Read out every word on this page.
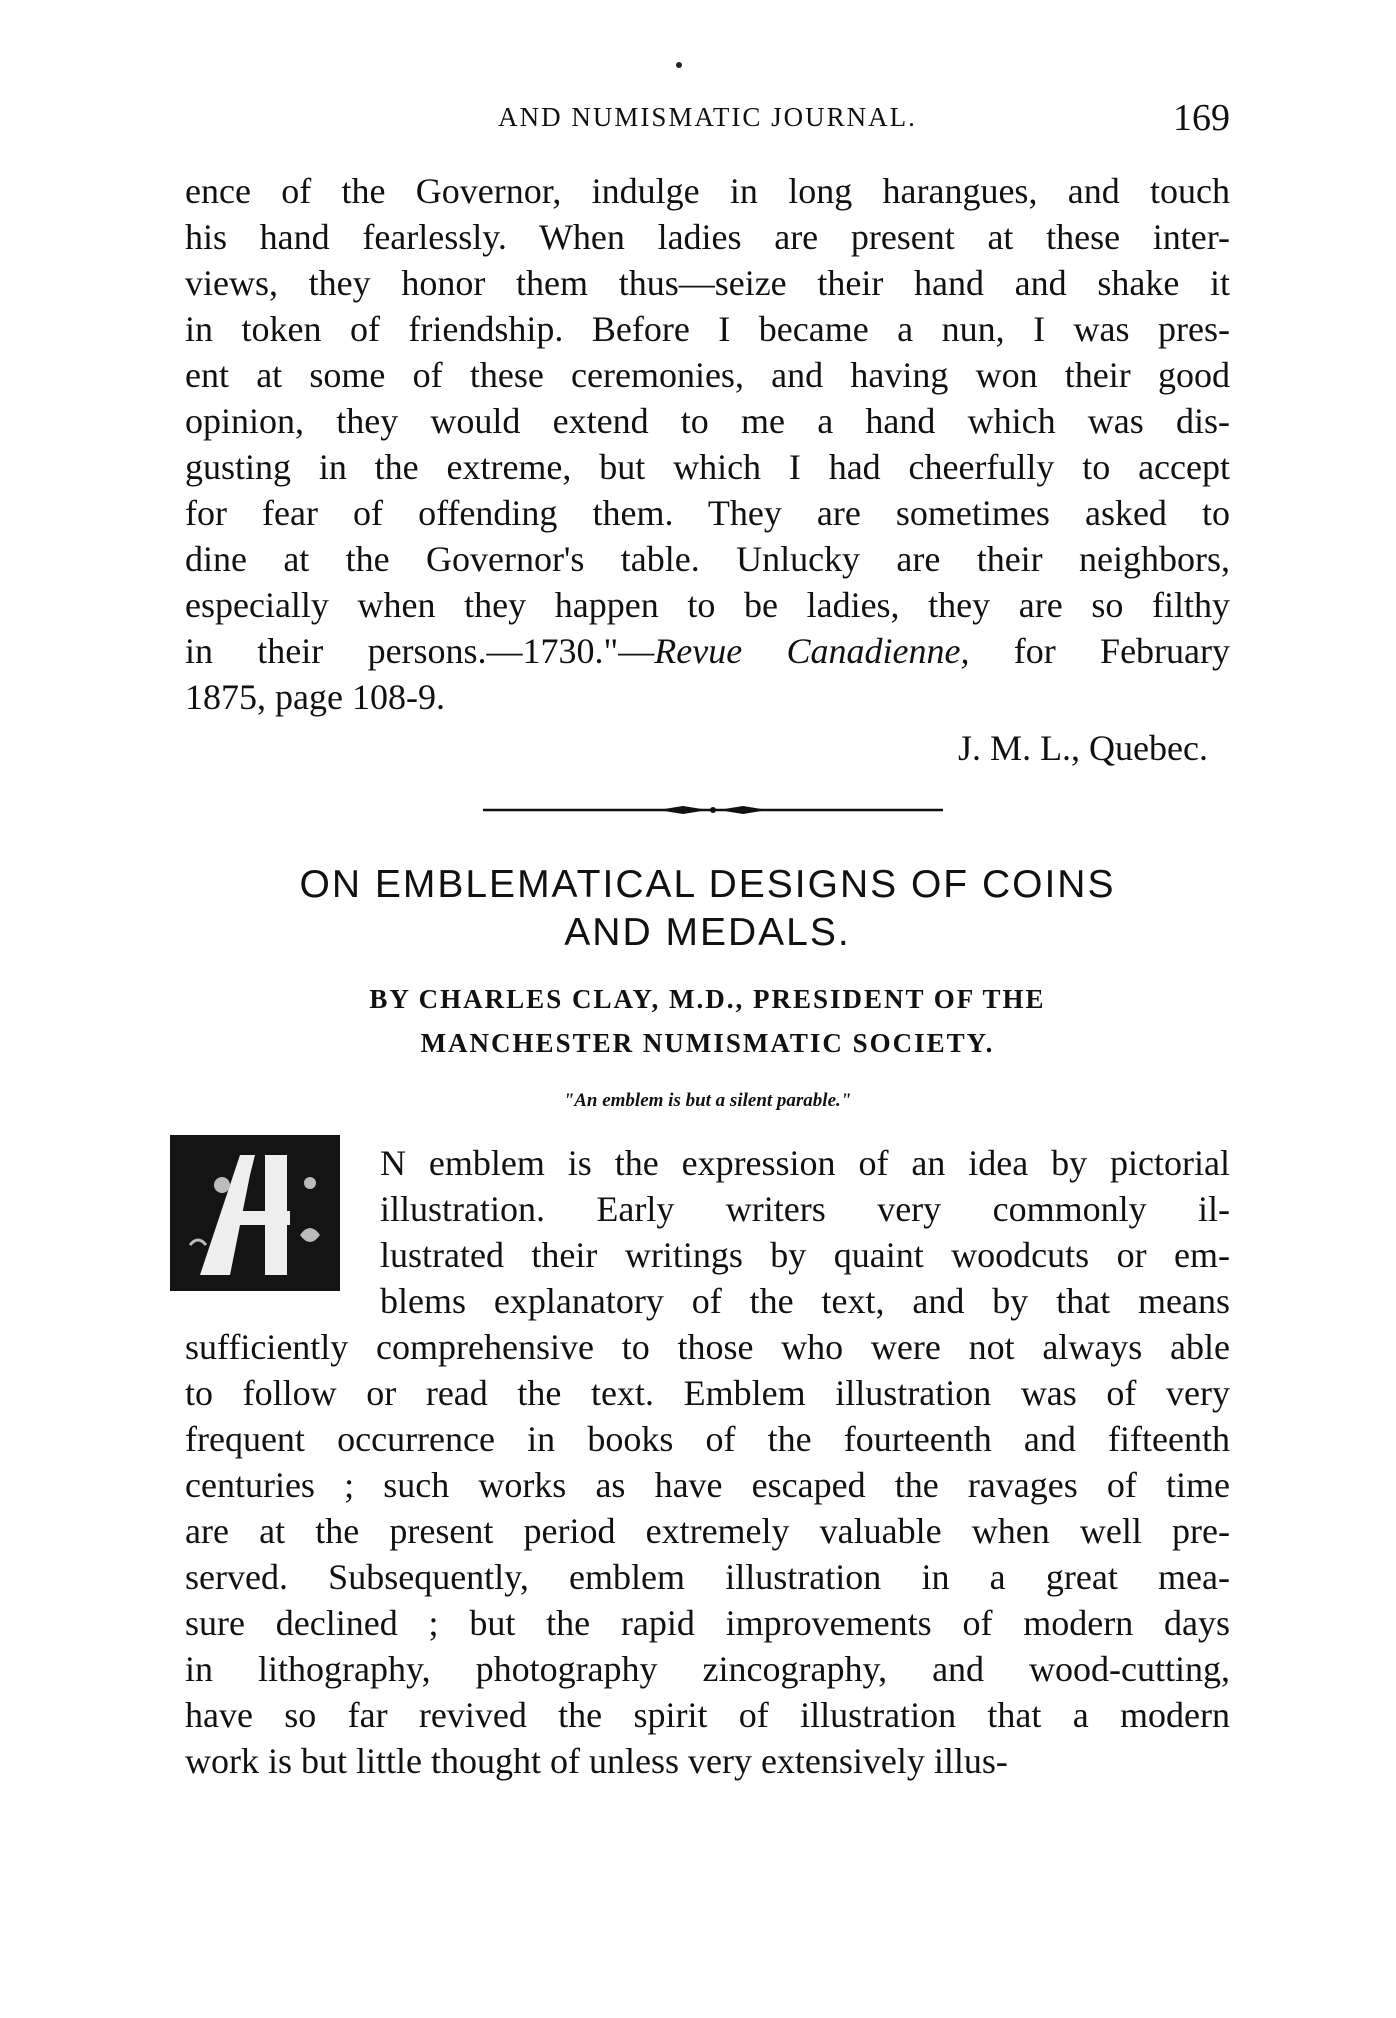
AND NUMISMATIC JOURNAL.	169

ence of the Governor, indulge in long harangues, and touch
his hand fearlessly. When ladies are present at these inter-
views, they honor them thus—seize their hand and shake it
in token of friendship. Before I became a nun, I was pres-
ent at some of these ceremonies, and having won their good
opinion, they would extend to me a hand which was dis-
gusting in the extreme, but which I had cheerfully to accept
for fear of offending them. They are sometimes asked to
dine at the Governor's table. Unlucky are their neighbors,
especially when they happen to be ladies, they are so filthy
in their persons.—1730."—Revue Canadienne, for February
1875, page 108-9.

J. M. L., Quebec.
ON EMBLEMATICAL DESIGNS OF COINS
AND MEDALS.
BY CHARLES CLAY, M.D., PRESIDENT OF THE
MANCHESTER NUMISMATIC SOCIETY.
"An emblem is but a silent parable."

N emblem is the expression of an idea by pictorial
illustration. Early writers very commonly il-
lustrated their writings by quaint woodcuts or em-
blems explanatory of the text, and by that means
sufficiently comprehensive to those who were not always able
to follow or read the text. Emblem illustration was of very
frequent occurrence in books of the fourteenth and fifteenth
centuries ; such works as have escaped the ravages of time
are at the present period extremely valuable when well pre-
served. Subsequently, emblem illustration in a great mea-
sure declined ; but the rapid improvements of modern days
in lithography, photography zincography, and wood-cutting,
have so far revived the spirit of illustration that a modern
work is but little thought of unless very extensively illus-
